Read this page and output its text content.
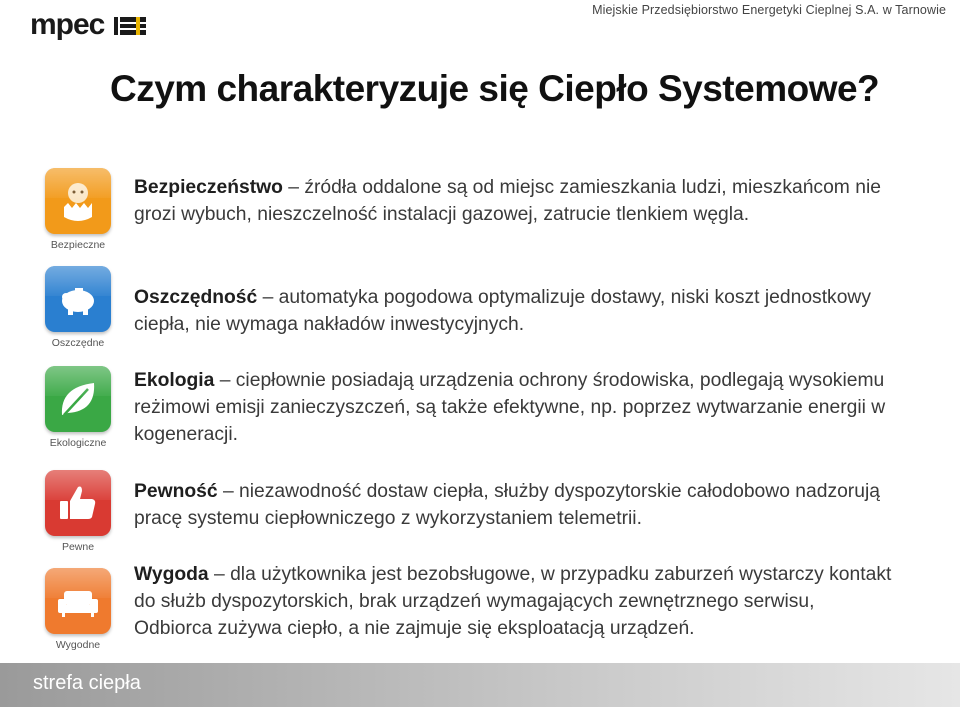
mpec	Miejskie Przedsiębiorstwo Energetyki Cieplnej S.A. w Tarnowie
Czym charakteryzuje się Ciepło Systemowe?
Bezpieczne
Oszczędne
Ekologiczne
Pewne
Wygodne

Bezpieczeństwo – źródła oddalone są od miejsc zamieszkania ludzi, mieszkańcom nie grozi wybuch, nieszczelność instalacji gazowej, zatrucie tlenkiem węgla.

Oszczędność – automatyka pogodowa optymalizuje dostawy, niski koszt jednostkowy ciepła, nie wymaga nakładów inwestycyjnych.

Ekologia – ciepłownie posiadają urządzenia ochrony środowiska, podlegają wysokiemu reżimowi emisji zanieczyszczeń, są także efektywne, np. poprzez wytwarzanie energii w kogeneracji.

Pewność – niezawodność dostaw ciepła, służby dyspozytorskie całodobowo nadzorują pracę systemu ciepłowniczego z wykorzystaniem telemetrii.

Wygoda – dla użytkownika jest bezobsługowe, w przypadku zaburzeń wystarczy kontakt do służb dyspozytorskich, brak urządzeń wymagających zewnętrznego serwisu, Odbiorca zużywa ciepło, a nie zajmuje się eksploatacją urządzeń.

strefa ciepła
